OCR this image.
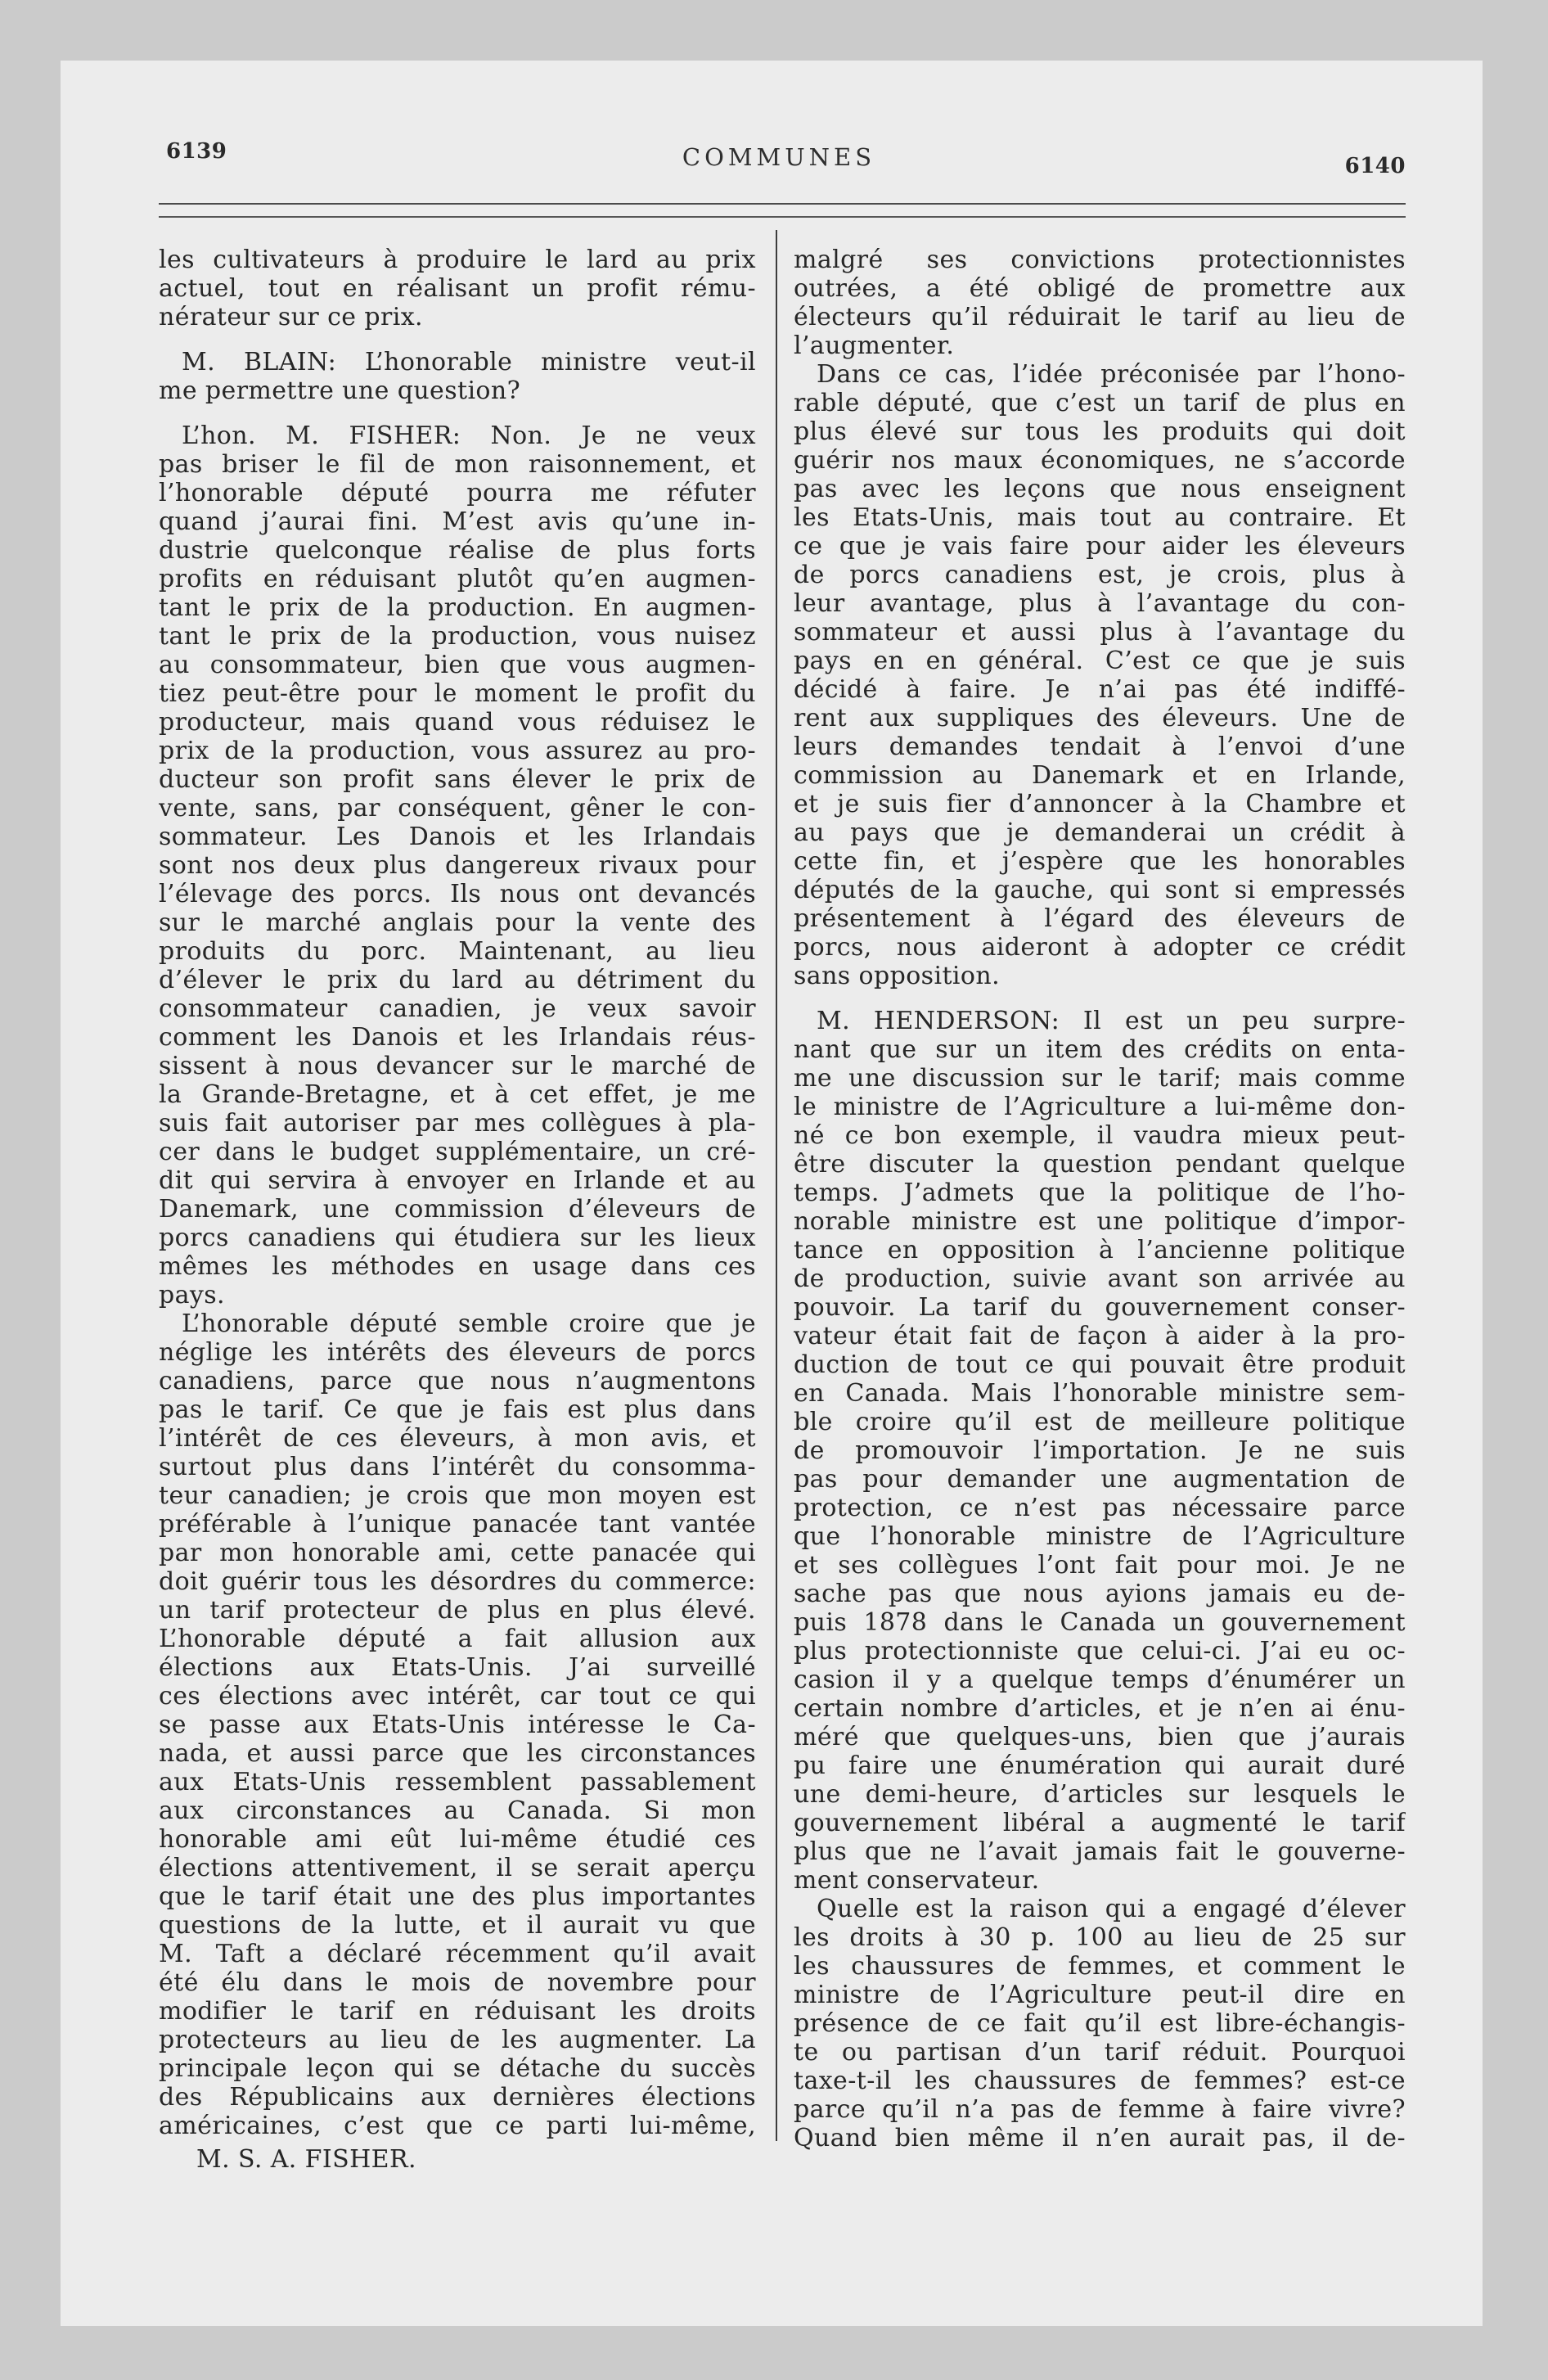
6139	COMMUNES	6140
les cultivateurs à produire le lard au prix
actuel, tout en réalisant un profit rému-
nérateur sur ce prix.
M. BLAIN: L’honorable ministre veut-il
me permettre une question?
L’hon. M. FISHER: Non. Je ne veux
pas briser le fil de mon raisonnement, et
l’honorable député pourra me réfuter
quand j’aurai fini. M’est avis qu’une in-
dustrie quelconque réalise de plus forts
profits en réduisant plutôt qu’en augmen-
tant le prix de la production. En augmen-
tant le prix de la production, vous nuisez
au consommateur, bien que vous augmen-
tiez peut-être pour le moment le profit du
producteur, mais quand vous réduisez le
prix de la production, vous assurez au pro-
ducteur son profit sans élever le prix de
vente, sans, par conséquent, gêner le con-
sommateur. Les Danois et les Irlandais
sont nos deux plus dangereux rivaux pour
l’élevage des porcs. Ils nous ont devancés
sur le marché anglais pour la vente des
produits du porc. Maintenant, au lieu
d’élever le prix du lard au détriment du
consommateur canadien, je veux savoir
comment les Danois et les Irlandais réus-
sissent à nous devancer sur le marché de
la Grande-Bretagne, et à cet effet, je me
suis fait autoriser par mes collègues à pla-
cer dans le budget supplémentaire, un cré-
dit qui servira à envoyer en Irlande et au
Danemark, une commission d’éleveurs de
porcs canadiens qui étudiera sur les lieux
mêmes les méthodes en usage dans ces
pays.
L’honorable député semble croire que je
néglige les intérêts des éleveurs de porcs
canadiens, parce que nous n’augmentons
pas le tarif. Ce que je fais est plus dans
l’intérêt de ces éleveurs, à mon avis, et
surtout plus dans l’intérêt du consomma-
teur canadien; je crois que mon moyen est
préférable à l’unique panacée tant vantée
par mon honorable ami, cette panacée qui
doit guérir tous les désordres du commerce:
un tarif protecteur de plus en plus élevé.
L’honorable député a fait allusion aux
élections aux Etats-Unis. J’ai surveillé
ces élections avec intérêt, car tout ce qui
se passe aux Etats-Unis intéresse le Ca-
nada, et aussi parce que les circonstances
aux Etats-Unis ressemblent passablement
aux circonstances au Canada. Si mon
honorable ami eût lui-même étudié ces
élections attentivement, il se serait aperçu
que le tarif était une des plus importantes
questions de la lutte, et il aurait vu que
M. Taft a déclaré récemment qu’il avait
été élu dans le mois de novembre pour
modifier le tarif en réduisant les droits
protecteurs au lieu de les augmenter. La
principale leçon qui se détache du succès
des Républicains aux dernières élections
américaines, c’est que ce parti lui-même,
M. S. A. FISHER.
malgré ses convictions protectionnistes
outrées, a été obligé de promettre aux
électeurs qu’il réduirait le tarif au lieu de
l’augmenter.
Dans ce cas, l’idée préconisée par l’hono-
rable député, que c’est un tarif de plus en
plus élevé sur tous les produits qui doit
guérir nos maux économiques, ne s’accorde
pas avec les leçons que nous enseignent
les Etats-Unis, mais tout au contraire. Et
ce que je vais faire pour aider les éleveurs
de porcs canadiens est, je crois, plus à
leur avantage, plus à l’avantage du con-
sommateur et aussi plus à l’avantage du
pays en en général. C’est ce que je suis
décidé à faire. Je n’ai pas été indiffé-
rent aux suppliques des éleveurs. Une de
leurs demandes tendait à l’envoi d’une
commission au Danemark et en Irlande,
et je suis fier d’annoncer à la Chambre et
au pays que je demanderai un crédit à
cette fin, et j’espère que les honorables
députés de la gauche, qui sont si empressés
présentement à l’égard des éleveurs de
porcs, nous aideront à adopter ce crédit
sans opposition.
M. HENDERSON: Il est un peu surpre-
nant que sur un item des crédits on enta-
me une discussion sur le tarif; mais comme
le ministre de l’Agriculture a lui-même don-
né ce bon exemple, il vaudra mieux peut-
être discuter la question pendant quelque
temps. J’admets que la politique de l’ho-
norable ministre est une politique d’impor-
tance en opposition à l’ancienne politique
de production, suivie avant son arrivée au
pouvoir. La tarif du gouvernement conser-
vateur était fait de façon à aider à la pro-
duction de tout ce qui pouvait être produit
en Canada. Mais l’honorable ministre sem-
ble croire qu’il est de meilleure politique
de promouvoir l’importation. Je ne suis
pas pour demander une augmentation de
protection, ce n’est pas nécessaire parce
que l’honorable ministre de l’Agriculture
et ses collègues l’ont fait pour moi. Je ne
sache pas que nous ayions jamais eu de-
puis 1878 dans le Canada un gouvernement
plus protectionniste que celui-ci. J’ai eu oc-
casion il y a quelque temps d’énumérer un
certain nombre d’articles, et je n’en ai énu-
méré que quelques-uns, bien que j’aurais
pu faire une énumération qui aurait duré
une demi-heure, d’articles sur lesquels le
gouvernement libéral a augmenté le tarif
plus que ne l’avait jamais fait le gouverne-
ment conservateur.
Quelle est la raison qui a engagé d’élever
les droits à 30 p. 100 au lieu de 25 sur
les chaussures de femmes, et comment le
ministre de l’Agriculture peut-il dire en
présence de ce fait qu’il est libre-échangis-
te ou partisan d’un tarif réduit. Pourquoi
taxe-t-il les chaussures de femmes? est-ce
parce qu’il n’a pas de femme à faire vivre?
Quand bien même il n’en aurait pas, il de-
